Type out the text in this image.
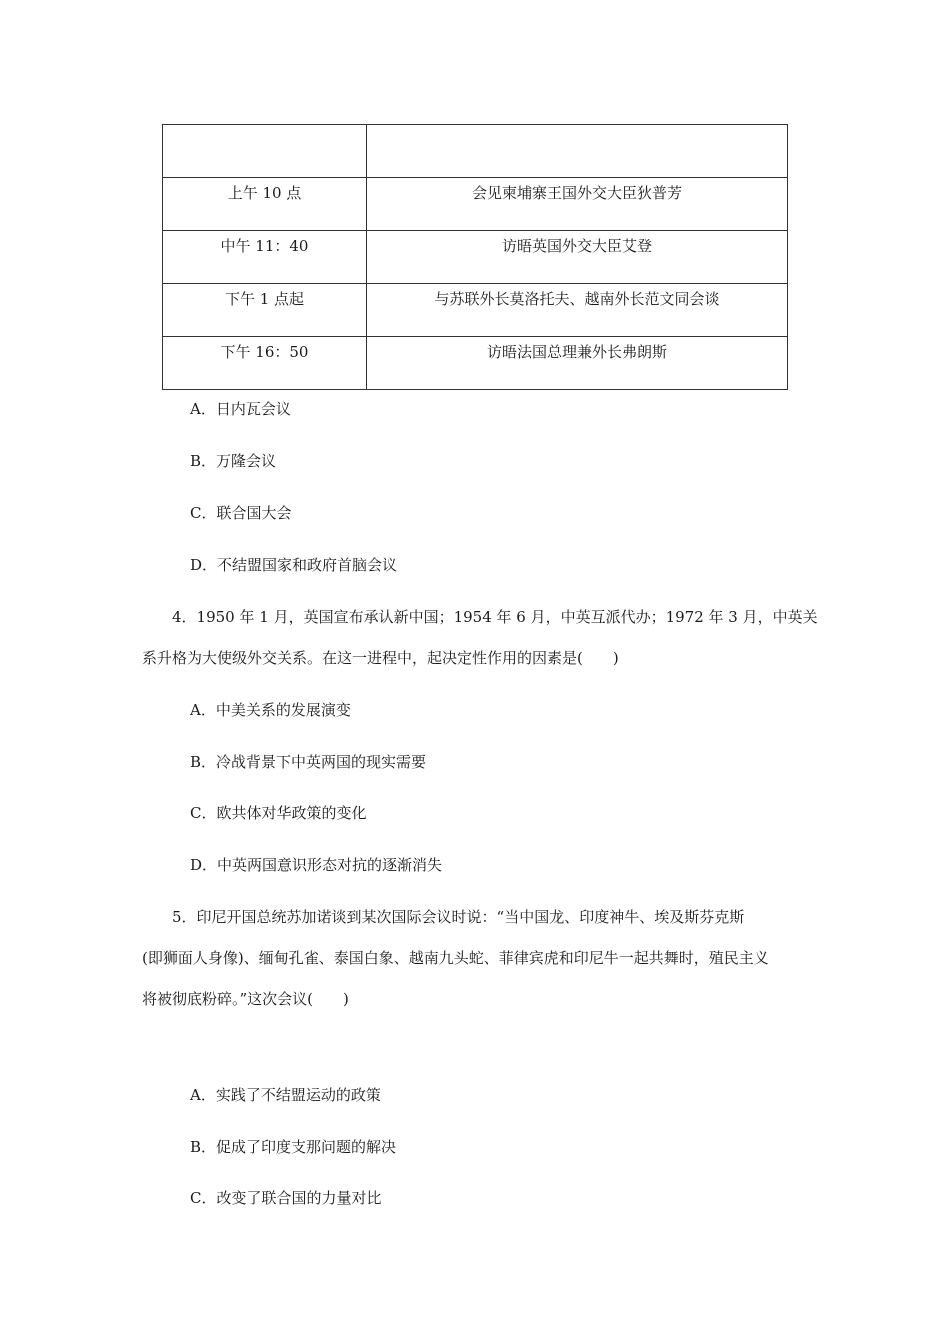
上午 10 点	会见柬埔寨王国外交大臣狄普芳
中午 11：40	访晤英国外交大臣艾登
下午 1 点起	与苏联外长莫洛托夫、越南外长范文同会谈
下午 16：50	访晤法国总理兼外长弗朗斯
A．日内瓦会议
B．万隆会议
C．联合国大会
D．不结盟国家和政府首脑会议
4．1950 年 1 月，英国宣布承认新中国；1954 年 6 月，中英互派代办；1972 年 3 月，中英关
系升格为大使级外交关系。在这一进程中，起决定性作用的因素是(　　)
A．中美关系的发展演变
B．冷战背景下中英两国的现实需要
C．欧共体对华政策的变化
D．中英两国意识形态对抗的逐渐消失
5．印尼开国总统苏加诺谈到某次国际会议时说：“当中国龙、印度神牛、埃及斯芬克斯
(即狮面人身像)、缅甸孔雀、泰国白象、越南九头蛇、菲律宾虎和印尼牛一起共舞时，殖民主义
将被彻底粉碎。”这次会议(　　)
A．实践了不结盟运动的政策
B．促成了印度支那问题的解决
C．改变了联合国的力量对比
